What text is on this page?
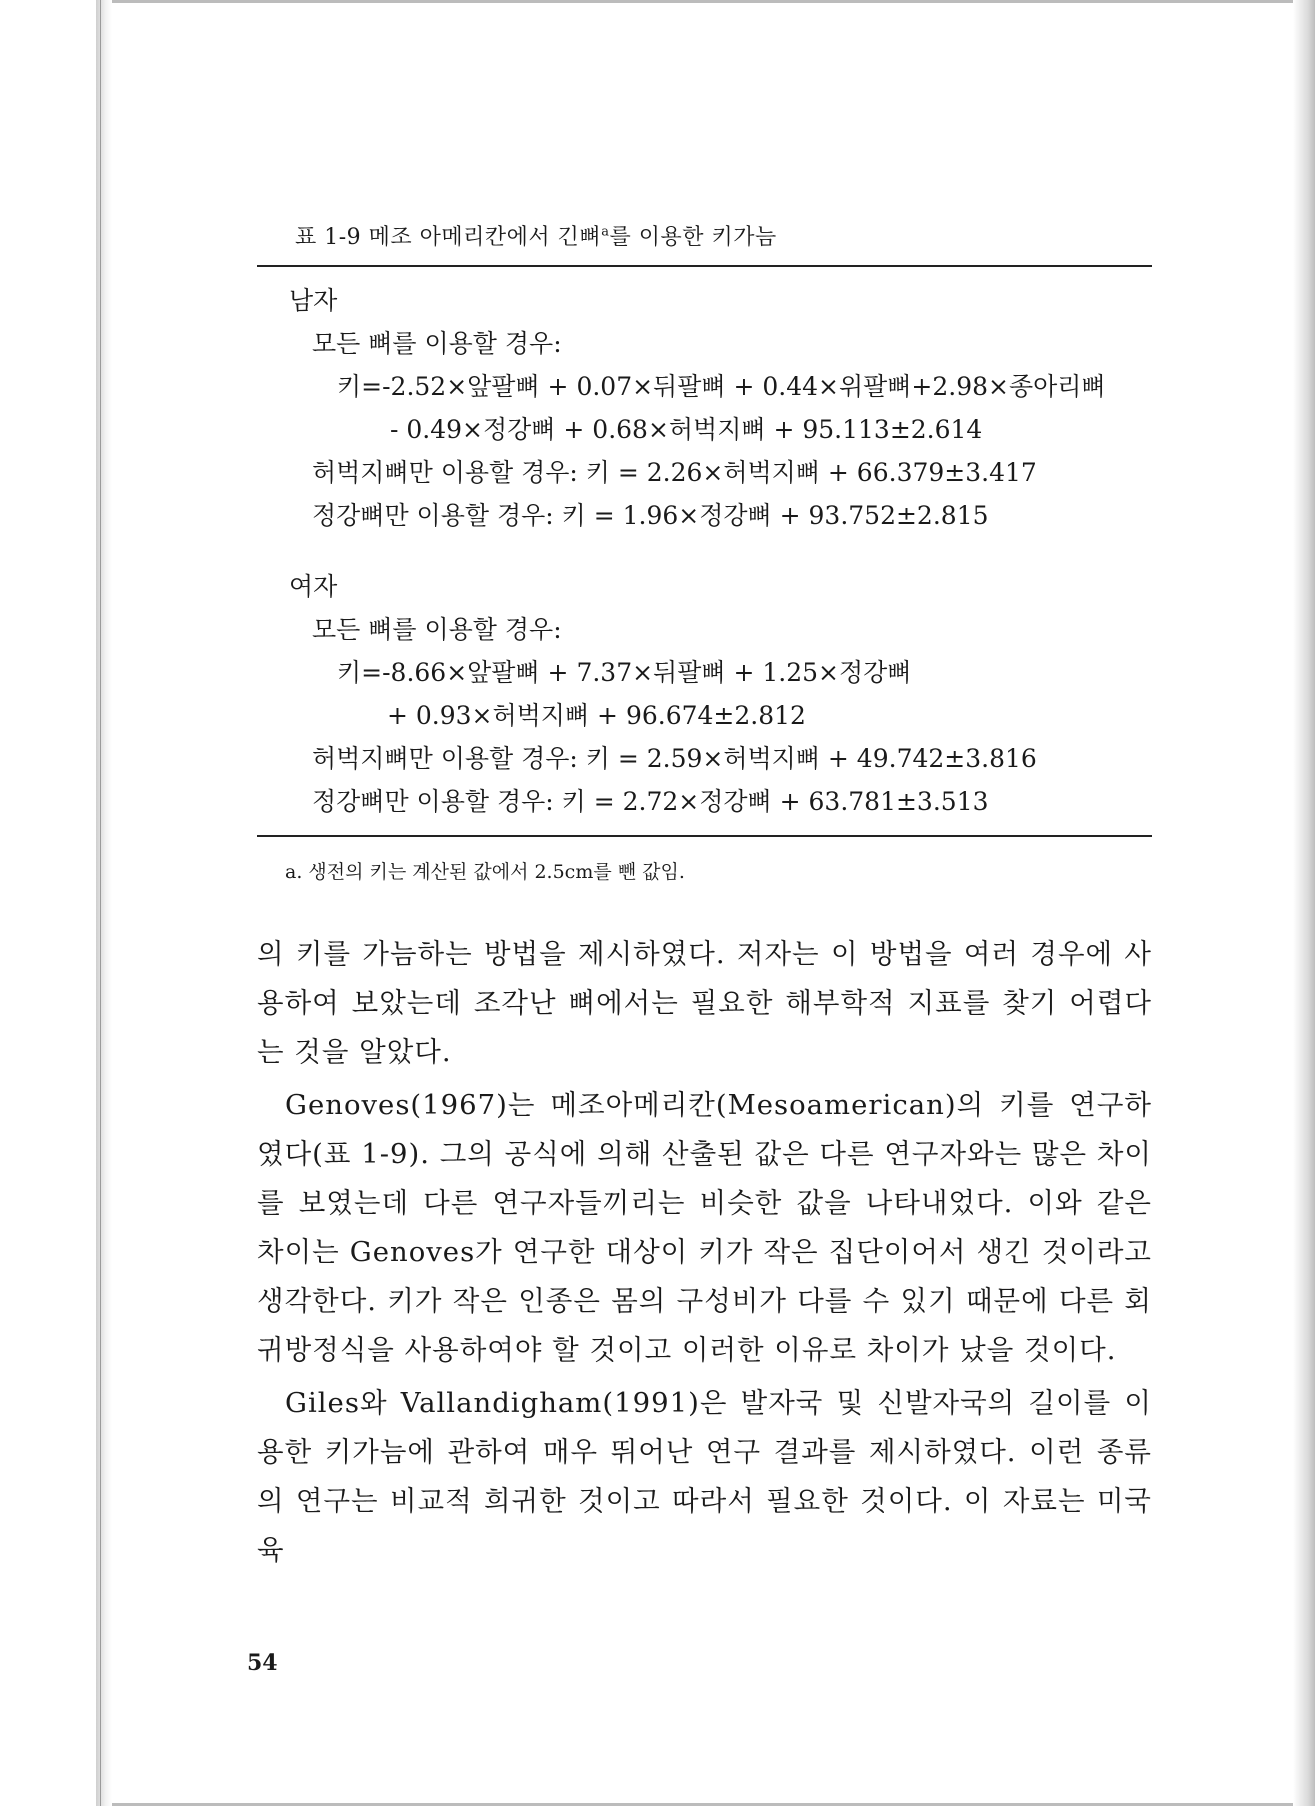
표 1-9 메조 아메리칸에서 긴뼈$^a$를 이용한 키가늠
남자
모든 뼈를 이용할 경우:
키=-2.52×앞팔뼈 + 0.07×뒤팔뼈 + 0.44×위팔뼈+2.98×종아리뼈
- 0.49×정강뼈 + 0.68×허벅지뼈 + 95.113±2.614
허벅지뼈만 이용할 경우: 키 = 2.26×허벅지뼈 + 66.379±3.417
정강뼈만 이용할 경우: 키 = 1.96×정강뼈 + 93.752±2.815
여자
모든 뼈를 이용할 경우:
키=-8.66×앞팔뼈 + 7.37×뒤팔뼈 + 1.25×정강뼈
+ 0.93×허벅지뼈 + 96.674±2.812
허벅지뼈만 이용할 경우: 키 = 2.59×허벅지뼈 + 49.742±3.816
정강뼈만 이용할 경우: 키 = 2.72×정강뼈 + 63.781±3.513
a. 생전의 키는 계산된 값에서 2.5cm를 뺀 값임.

의 키를 가늠하는 방법을 제시하였다. 저자는 이 방법을 여러 경우에 사용하여 보았는데 조각난 뼈에서는 필요한 해부학적 지표를 찾기 어렵다는 것을 알았다.

Genoves(1967)는 메조아메리칸(Mesoamerican)의 키를 연구하였다(표 1-9). 그의 공식에 의해 산출된 값은 다른 연구자와는 많은 차이를 보였는데 다른 연구자들끼리는 비슷한 값을 나타내었다. 이와 같은 차이는 Genoves가 연구한 대상이 키가 작은 집단이어서 생긴 것이라고 생각한다. 키가 작은 인종은 몸의 구성비가 다를 수 있기 때문에 다른 회귀방정식을 사용하여야 할 것이고 이러한 이유로 차이가 났을 것이다.

Giles와 Vallandigham(1991)은 발자국 및 신발자국의 길이를 이용한 키가늠에 관하여 매우 뛰어난 연구 결과를 제시하였다. 이런 종류의 연구는 비교적 희귀한 것이고 따라서 필요한 것이다. 이 자료는 미국 육

54
